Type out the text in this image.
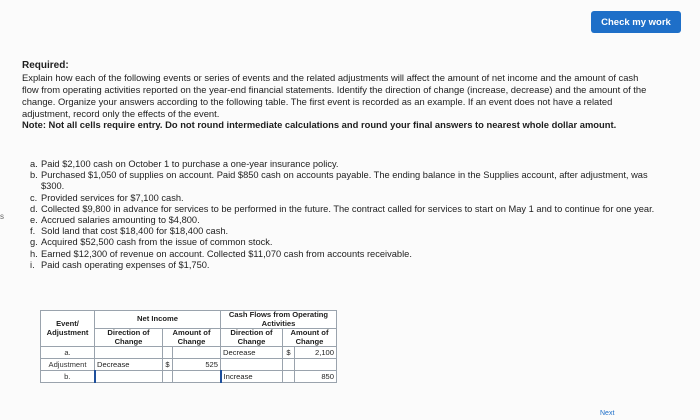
s
Check my work
Required:
Explain how each of the following events or series of events and the related adjustments will affect the amount of net income and the amount of cash flow from operating activities reported on the year-end financial statements. Identify the direction of change (increase, decrease) and the amount of the change. Organize your answers according to the following table. The first event is recorded as an example. If an event does not have a related adjustment, record only the effects of the event.
Note: Not all cells require entry. Do not round intermediate calculations and round your final answers to nearest whole dollar amount.
a. Paid $2,100 cash on October 1 to purchase a one-year insurance policy.
b. Purchased $1,050 of supplies on account. Paid $850 cash on accounts payable. The ending balance in the Supplies account, after adjustment, was $300.
c. Provided services for $7,100 cash.
d. Collected $9,800 in advance for services to be performed in the future. The contract called for services to start on May 1 and to continue for one year.
e. Accrued salaries amounting to $4,800.
f. Sold land that cost $18,400 for $18,400 cash.
g. Acquired $52,500 cash from the issue of common stock.
h. Earned $12,300 of revenue on account. Collected $11,070 cash from accounts receivable.
i. Paid cash operating expenses of $1,750.
Event/ Adjustment	Net Income			Cash Flows from Operating Activities		
	Direction of Change	Amount of Change		Direction of Change	Amount of Change	
a.				Decrease	$	2,100
Adjustment	Decrease	$	525			
b.				Increase		850
Next
